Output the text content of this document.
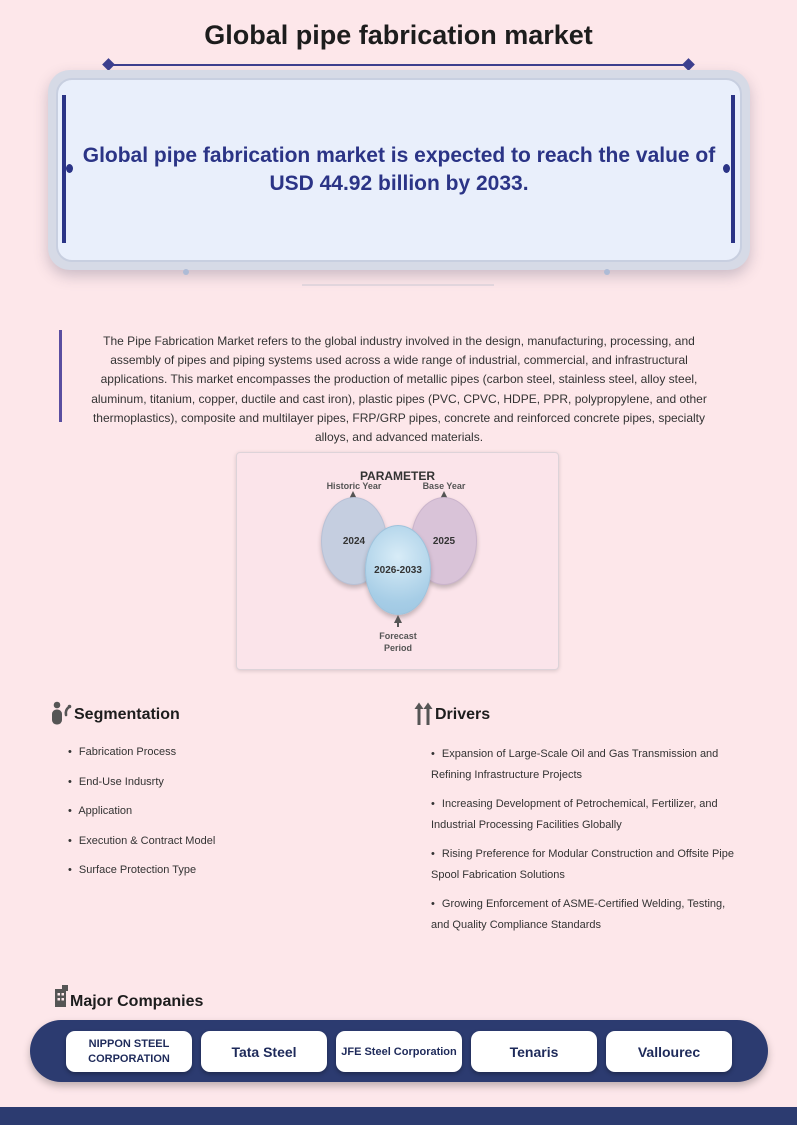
Global pipe fabrication market

Global pipe fabrication market is expected to reach the value of USD 44.92 billion by 2033.

The Pipe Fabrication Market refers to the global industry involved in the design, manufacturing, processing, and assembly of pipes and piping systems used across a wide range of industrial, commercial, and infrastructural applications. This market encompasses the production of metallic pipes (carbon steel, stainless steel, alloy steel, aluminum, titanium, copper, ductile and cast iron), plastic pipes (PVC, CPVC, HDPE, PPR, polypropylene, and other thermoplastics), composite and multilayer pipes, FRP/GRP pipes, concrete and reinforced concrete pipes, specialty alloys, and advanced materials.

PARAMETER
Historic Year	Base Year
2024	2025
2026-2033
Forecast
Period
Segmentation
• Fabrication Process
• End-Use Indusrty
• Application
• Execution & Contract Model
• Surface Protection Type
Drivers
• Expansion of Large-Scale Oil and Gas Transmission and Refining Infrastructure Projects
• Increasing Development of Petrochemical, Fertilizer, and Industrial Processing Facilities Globally
• Rising Preference for Modular Construction and Offsite Pipe Spool Fabrication Solutions
• Growing Enforcement of ASME-Certified Welding, Testing, and Quality Compliance Standards
Major Companies
NIPPON STEEL CORPORATION	Tata Steel	JFE Steel Corporation	Tenaris	Vallourec
